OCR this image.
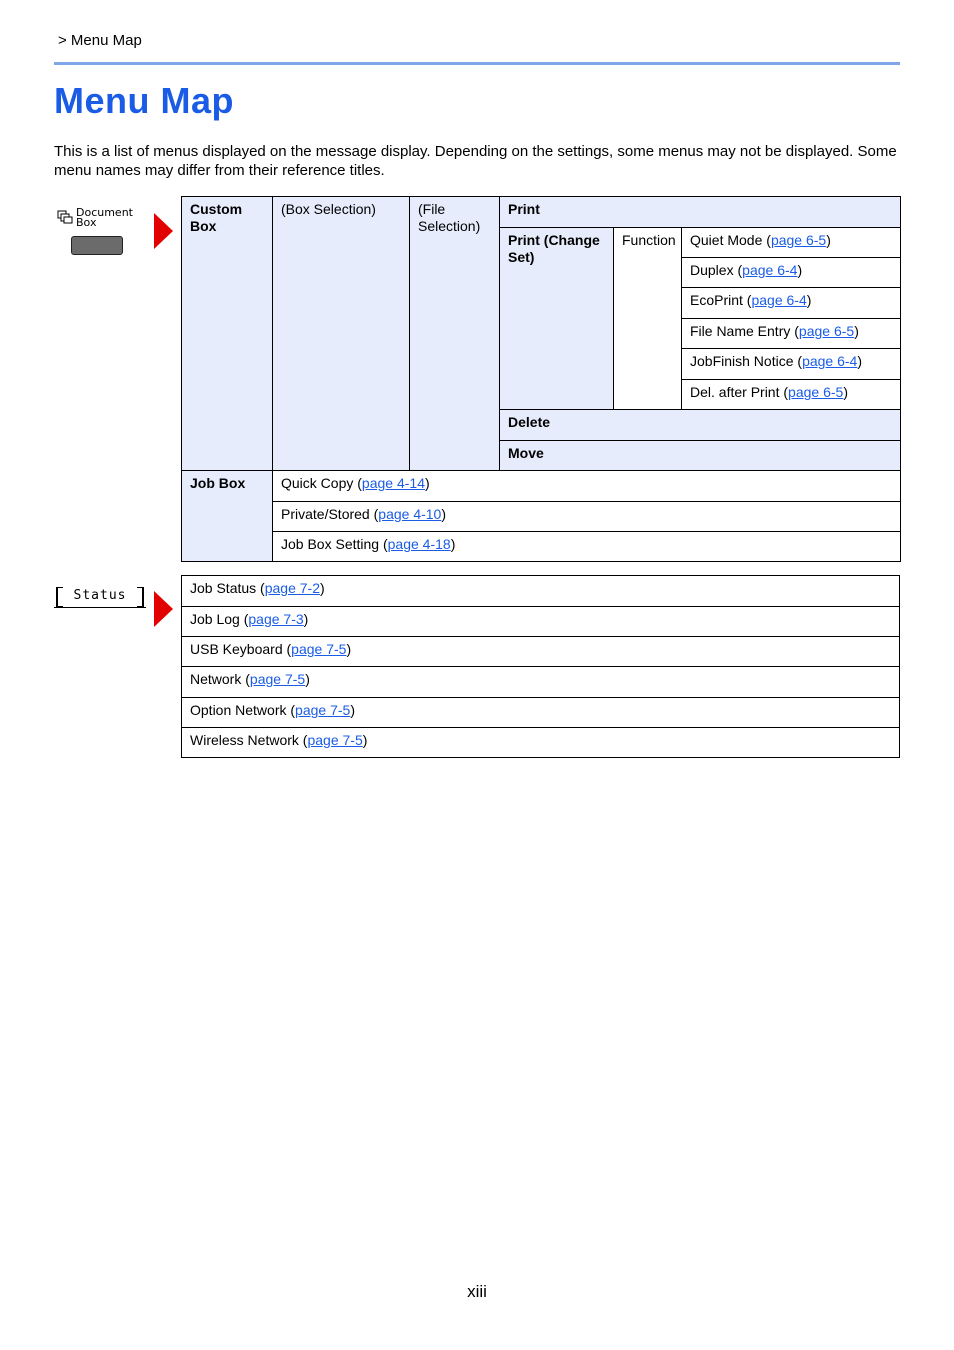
> Menu Map
Menu Map

This is a list of menus displayed on the message display. Depending on the settings, some menus may not be displayed. Some menu names may differ from their reference titles.

Document
Box
Custom Box	(Box Selection)	(File Selection)	Print		
			Print (Change Set)	Function	Quiet Mode (page 6-5)
					Duplex (page 6-4)
					EcoPrint (page 6-4)
					File Name Entry (page 6-5)
					JobFinish Notice (page 6-4)
					Del. after Print (page 6-5)
			Delete		
			Move		
Job Box	Quick Copy (page 4-14)				
	Private/Stored (page 4-10)				
	Job Box Setting (page 4-18)				
Status	Job Status (page 7-2)
Job Log (page 7-3)
USB Keyboard (page 7-5)
Network (page 7-5)
Option Network (page 7-5)
Wireless Network (page 7-5)
xiii
